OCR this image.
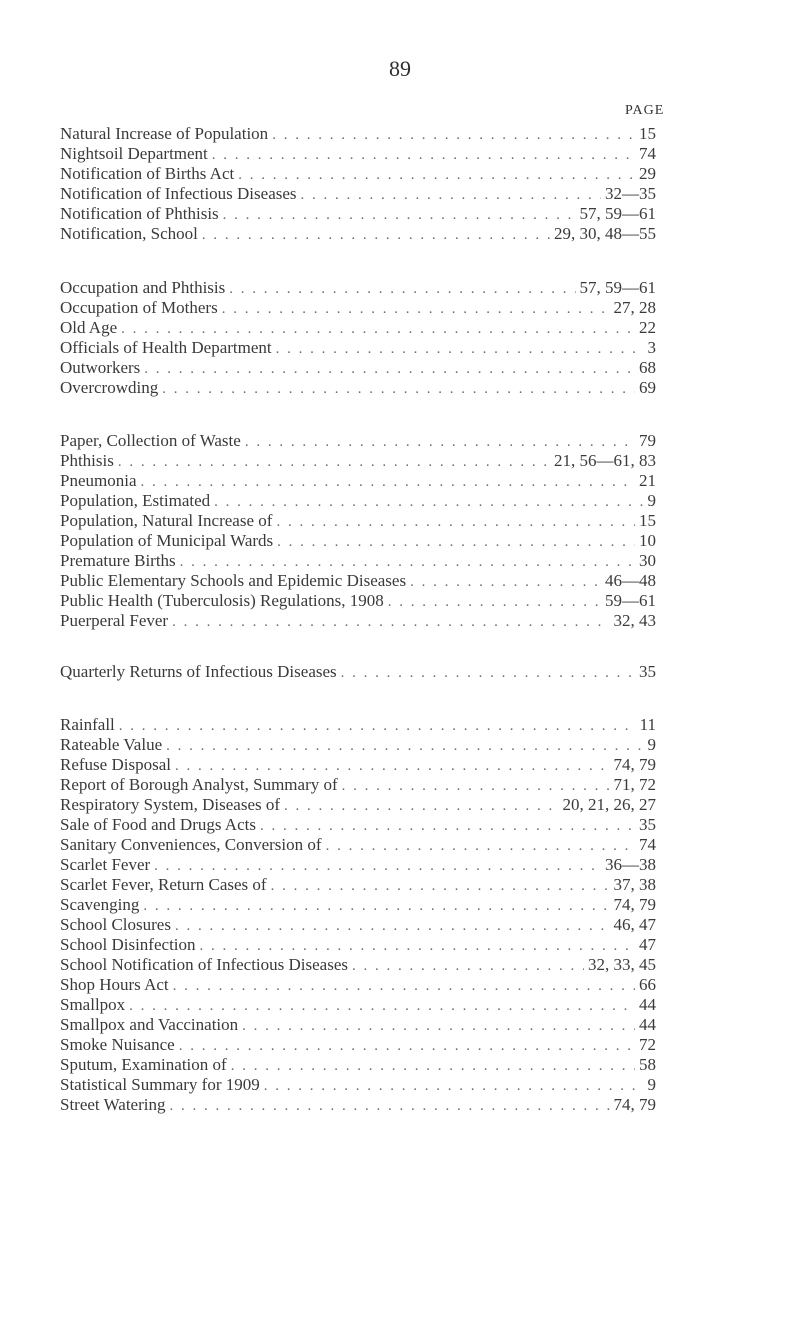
89
PAGE
Natural Increase of Population . . .	15
Nightsoil Department . . .	74
Notification of Births Act . . .	29
Notification of Infectious Diseases . . .	32—35
Notification of Phthisis . . .	57, 59—61
Notification, School . . .	29, 30, 48—55
Occupation and Phthisis . . .	57, 59—61
Occupation of Mothers . . .	27, 28
Old Age . . .	22
Officials of Health Department . . .	3
Outworkers . . .	68
Overcrowding . . .	69
Paper, Collection of Waste . . .	79
Phthisis . . .	21, 56—61, 83
Pneumonia . . .	21
Population, Estimated . . .	9
Population, Natural Increase of . . .	15
Population of Municipal Wards . . .	10
Premature Births . . .	30
Public Elementary Schools and Epidemic Diseases . . .	46—48
Public Health (Tuberculosis) Regulations, 1908 . . .	59—61
Puerperal Fever . . .	32, 43
Quarterly Returns of Infectious Diseases . . .	35
Rainfall . . .	11
Rateable Value . . .	9
Refuse Disposal . . .	74, 79
Report of Borough Analyst, Summary of . . .	71, 72
Respiratory System, Diseases of . . .	20, 21, 26, 27
Sale of Food and Drugs Acts . . .	35
Sanitary Conveniences, Conversion of . . .	74
Scarlet Fever . . .	36—38
Scarlet Fever, Return Cases of . . .	37, 38
Scavenging . . .	74, 79
School Closures . . .	46, 47
School Disinfection . . .	47
School Notification of Infectious Diseases . . .	32, 33, 45
Shop Hours Act . . .	66
Smallpox . . .	44
Smallpox and Vaccination . . .	44
Smoke Nuisance . . .	72
Sputum, Examination of . . .	58
Statistical Summary for 1909 . . .	9
Street Watering . . .	74, 79
